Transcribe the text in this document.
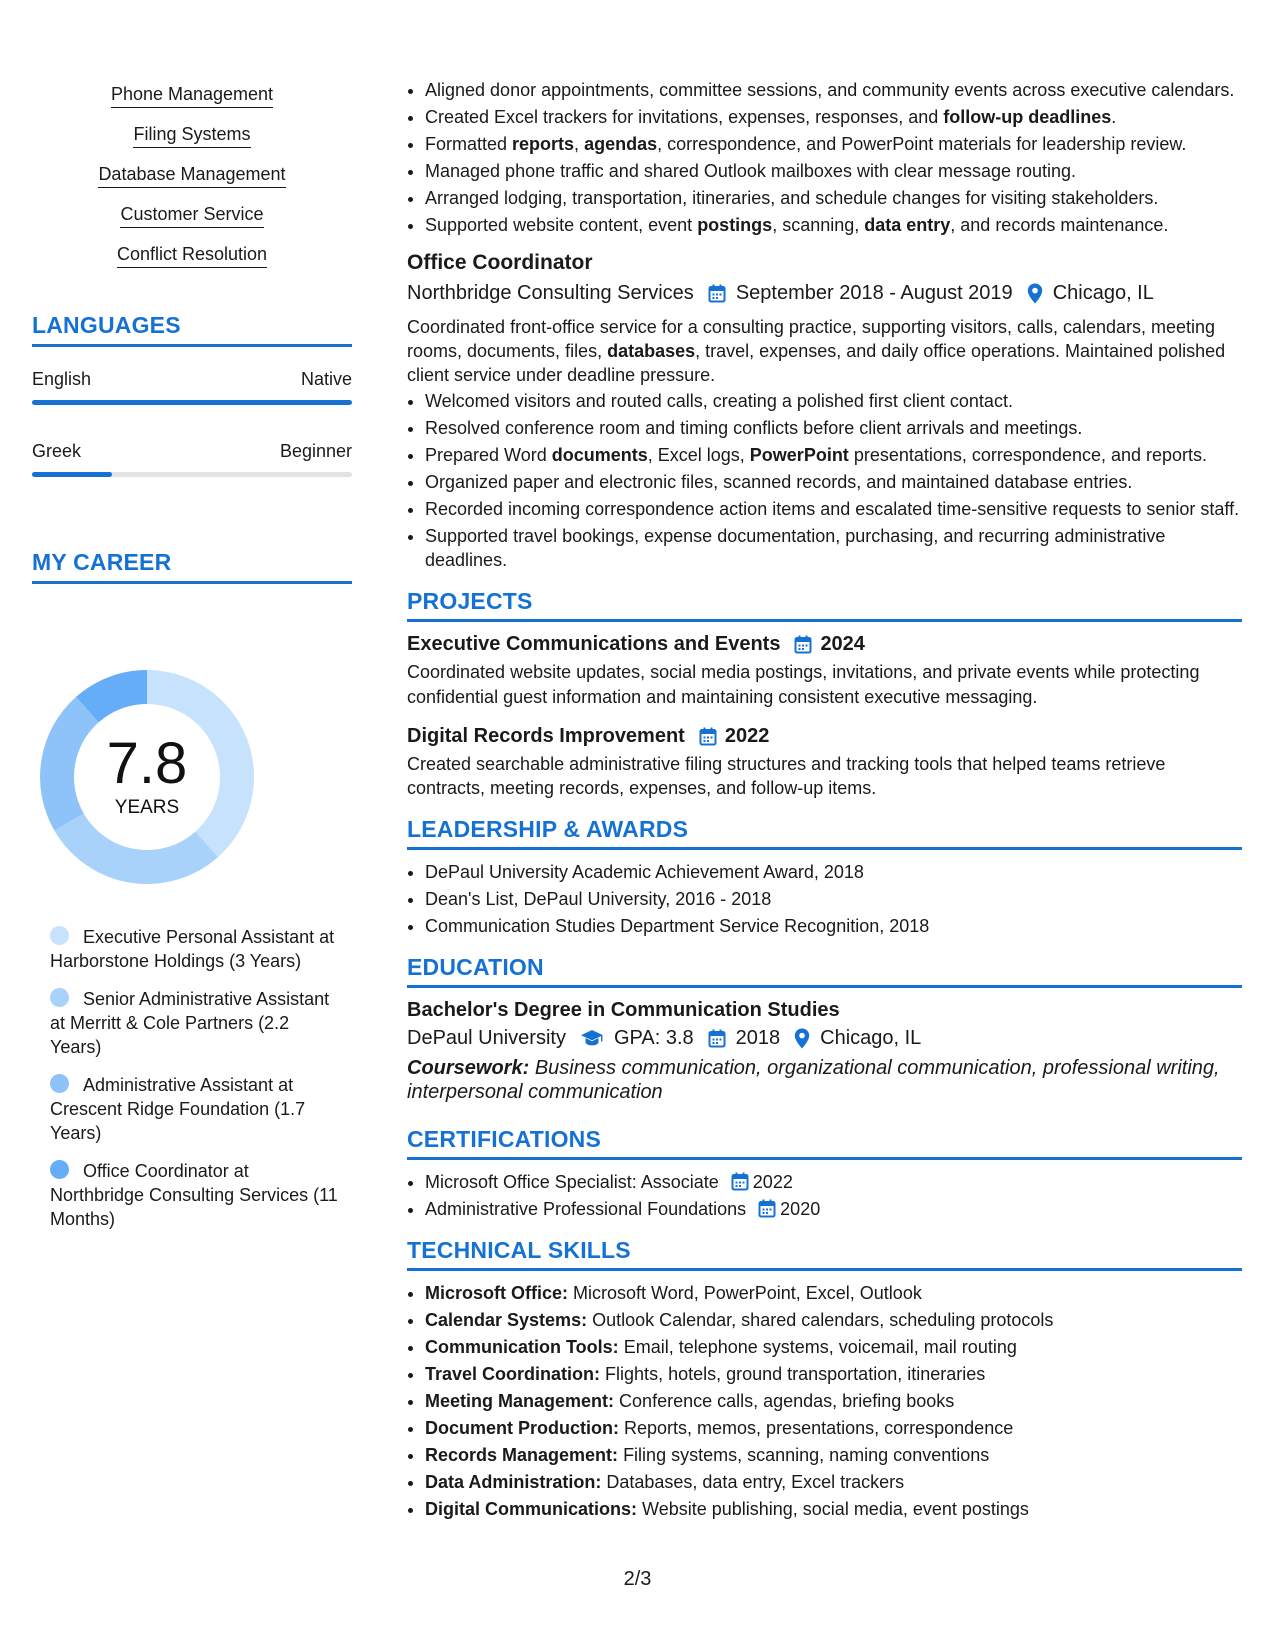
Phone Management
Filing Systems
Database Management
Customer Service
Conflict Resolution
LANGUAGES
English	Native
Greek	Beginner
MY CAREER
7.8
YEARS
Executive Personal Assistant at Harborstone Holdings (3 Years)
Senior Administrative Assistant at Merritt & Cole Partners (2.2 Years)
Administrative Assistant at Crescent Ridge Foundation (1.7 Years)
Office Coordinator at Northbridge Consulting Services (11 Months)
• Aligned donor appointments, committee sessions, and community events across executive calendars.
• Created Excel trackers for invitations, expenses, responses, and follow-up deadlines.
• Formatted reports, agendas, correspondence, and PowerPoint materials for leadership review.
• Managed phone traffic and shared Outlook mailboxes with clear message routing.
• Arranged lodging, transportation, itineraries, and schedule changes for visiting stakeholders.
• Supported website content, event postings, scanning, data entry, and records maintenance.
Office Coordinator
Northbridge Consulting Services September 2018 - August 2019 Chicago, IL
Coordinated front-office service for a consulting practice, supporting visitors, calls, calendars, meeting rooms, documents, files, databases, travel, expenses, and daily office operations. Maintained polished client service under deadline pressure.
• Welcomed visitors and routed calls, creating a polished first client contact.
• Resolved conference room and timing conflicts before client arrivals and meetings.
• Prepared Word documents, Excel logs, PowerPoint presentations, correspondence, and reports.
• Organized paper and electronic files, scanned records, and maintained database entries.
• Recorded incoming correspondence action items and escalated time-sensitive requests to senior staff.
• Supported travel bookings, expense documentation, purchasing, and recurring administrative deadlines.
PROJECTS
Executive Communications and Events 2024
Coordinated website updates, social media postings, invitations, and private events while protecting confidential guest information and maintaining consistent executive messaging.
Digital Records Improvement 2022
Created searchable administrative filing structures and tracking tools that helped teams retrieve contracts, meeting records, expenses, and follow-up items.
LEADERSHIP & AWARDS
• DePaul University Academic Achievement Award, 2018
• Dean's List, DePaul University, 2016 - 2018
• Communication Studies Department Service Recognition, 2018
EDUCATION
Bachelor's Degree in Communication Studies
DePaul University GPA: 3.8 2018 Chicago, IL
Coursework: Business communication, organizational communication, professional writing, interpersonal communication
CERTIFICATIONS
• Microsoft Office Specialist: Associate 2022
• Administrative Professional Foundations 2020
TECHNICAL SKILLS
• Microsoft Office: Microsoft Word, PowerPoint, Excel, Outlook
• Calendar Systems: Outlook Calendar, shared calendars, scheduling protocols
• Communication Tools: Email, telephone systems, voicemail, mail routing
• Travel Coordination: Flights, hotels, ground transportation, itineraries
• Meeting Management: Conference calls, agendas, briefing books
• Document Production: Reports, memos, presentations, correspondence
• Records Management: Filing systems, scanning, naming conventions
• Data Administration: Databases, data entry, Excel trackers
• Digital Communications: Website publishing, social media, event postings
2/3
